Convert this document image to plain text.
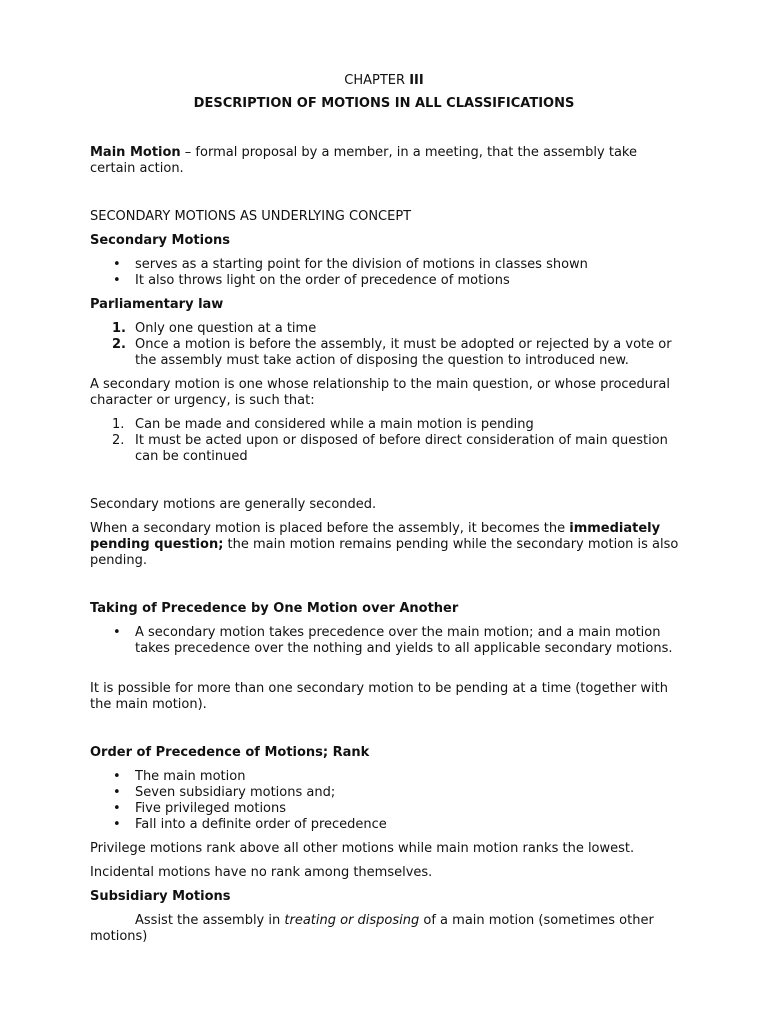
CHAPTER III

DESCRIPTION OF MOTIONS IN ALL CLASSIFICATIONS

Main Motion – formal proposal by a member, in a meeting, that the assembly take certain action.

SECONDARY MOTIONS AS UNDERLYING CONCEPT

Secondary Motions

• serves as a starting point for the division of motions in classes shown
• It also throws light on the order of precedence of motions

Parliamentary law

1. Only one question at a time
2. Once a motion is before the assembly, it must be adopted or rejected by a vote or the assembly must take action of disposing the question to introduced new.

A secondary motion is one whose relationship to the main question, or whose procedural character or urgency, is such that:

1. Can be made and considered while a main motion is pending
2. It must be acted upon or disposed of before direct consideration of main question can be continued

Secondary motions are generally seconded.

When a secondary motion is placed before the assembly, it becomes the immediately pending question; the main motion remains pending while the secondary motion is also pending.

Taking of Precedence by One Motion over Another

• A secondary motion takes precedence over the main motion; and a main motion takes precedence over the nothing and yields to all applicable secondary motions.

It is possible for more than one secondary motion to be pending at a time (together with the main motion).

Order of Precedence of Motions; Rank

• The main motion
• Seven subsidiary motions and;
• Five privileged motions
• Fall into a definite order of precedence

Privilege motions rank above all other motions while main motion ranks the lowest.

Incidental motions have no rank among themselves.

Subsidiary Motions

Assist the assembly in treating or disposing of a main motion (sometimes other motions)
